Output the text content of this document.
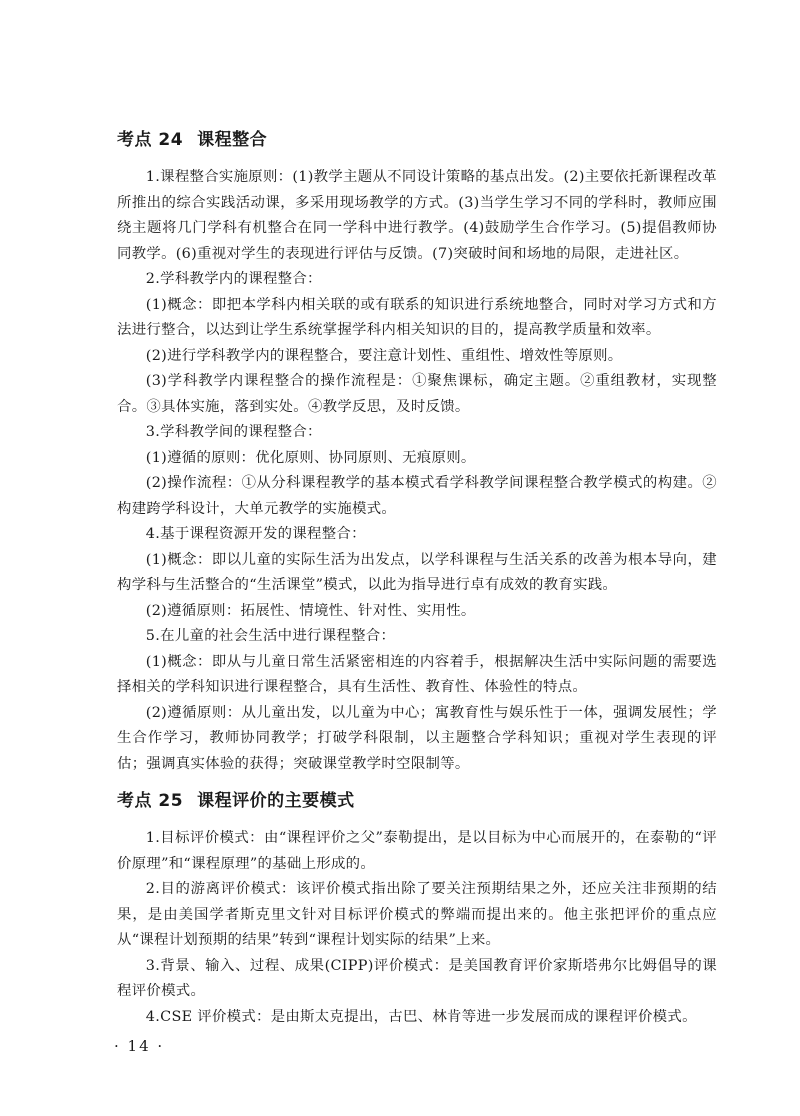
考点 24 课程整合

1.课程整合实施原则：(1)教学主题从不同设计策略的基点出发。(2)主要依托新课程改革所推出的综合实践活动课，多采用现场教学的方式。(3)当学生学习不同的学科时，教师应围绕主题将几门学科有机整合在同一学科中进行教学。(4)鼓励学生合作学习。(5)提倡教师协同教学。(6)重视对学生的表现进行评估与反馈。(7)突破时间和场地的局限，走进社区。

2.学科教学内的课程整合：

(1)概念：即把本学科内相关联的或有联系的知识进行系统地整合，同时对学习方式和方法进行整合，以达到让学生系统掌握学科内相关知识的目的，提高教学质量和效率。

(2)进行学科教学内的课程整合，要注意计划性、重组性、增效性等原则。

(3)学科教学内课程整合的操作流程是：①聚焦课标，确定主题。②重组教材，实现整合。③具体实施，落到实处。④教学反思，及时反馈。

3.学科教学间的课程整合：

(1)遵循的原则：优化原则、协同原则、无痕原则。

(2)操作流程：①从分科课程教学的基本模式看学科教学间课程整合教学模式的构建。②构建跨学科设计，大单元教学的实施模式。

4.基于课程资源开发的课程整合：

(1)概念：即以儿童的实际生活为出发点，以学科课程与生活关系的改善为根本导向，建构学科与生活整合的“生活课堂”模式，以此为指导进行卓有成效的教育实践。

(2)遵循原则：拓展性、情境性、针对性、实用性。

5.在儿童的社会生活中进行课程整合：

(1)概念：即从与儿童日常生活紧密相连的内容着手，根据解决生活中实际问题的需要选择相关的学科知识进行课程整合，具有生活性、教育性、体验性的特点。

(2)遵循原则：从儿童出发，以儿童为中心；寓教育性与娱乐性于一体，强调发展性；学生合作学习，教师协同教学；打破学科限制，以主题整合学科知识；重视对学生表现的评估；强调真实体验的获得；突破课堂教学时空限制等。

考点 25 课程评价的主要模式

1.目标评价模式：由“课程评价之父”泰勒提出，是以目标为中心而展开的，在泰勒的“评价原理”和“课程原理”的基础上形成的。

2.目的游离评价模式：该评价模式指出除了要关注预期结果之外，还应关注非预期的结果，是由美国学者斯克里文针对目标评价模式的弊端而提出来的。他主张把评价的重点应从“课程计划预期的结果”转到“课程计划实际的结果”上来。

3.背景、输入、过程、成果(CIPP)评价模式：是美国教育评价家斯塔弗尔比姆倡导的课程评价模式。

4.CSE 评价模式：是由斯太克提出，古巴、林肯等进一步发展而成的课程评价模式。

· 14 ·
